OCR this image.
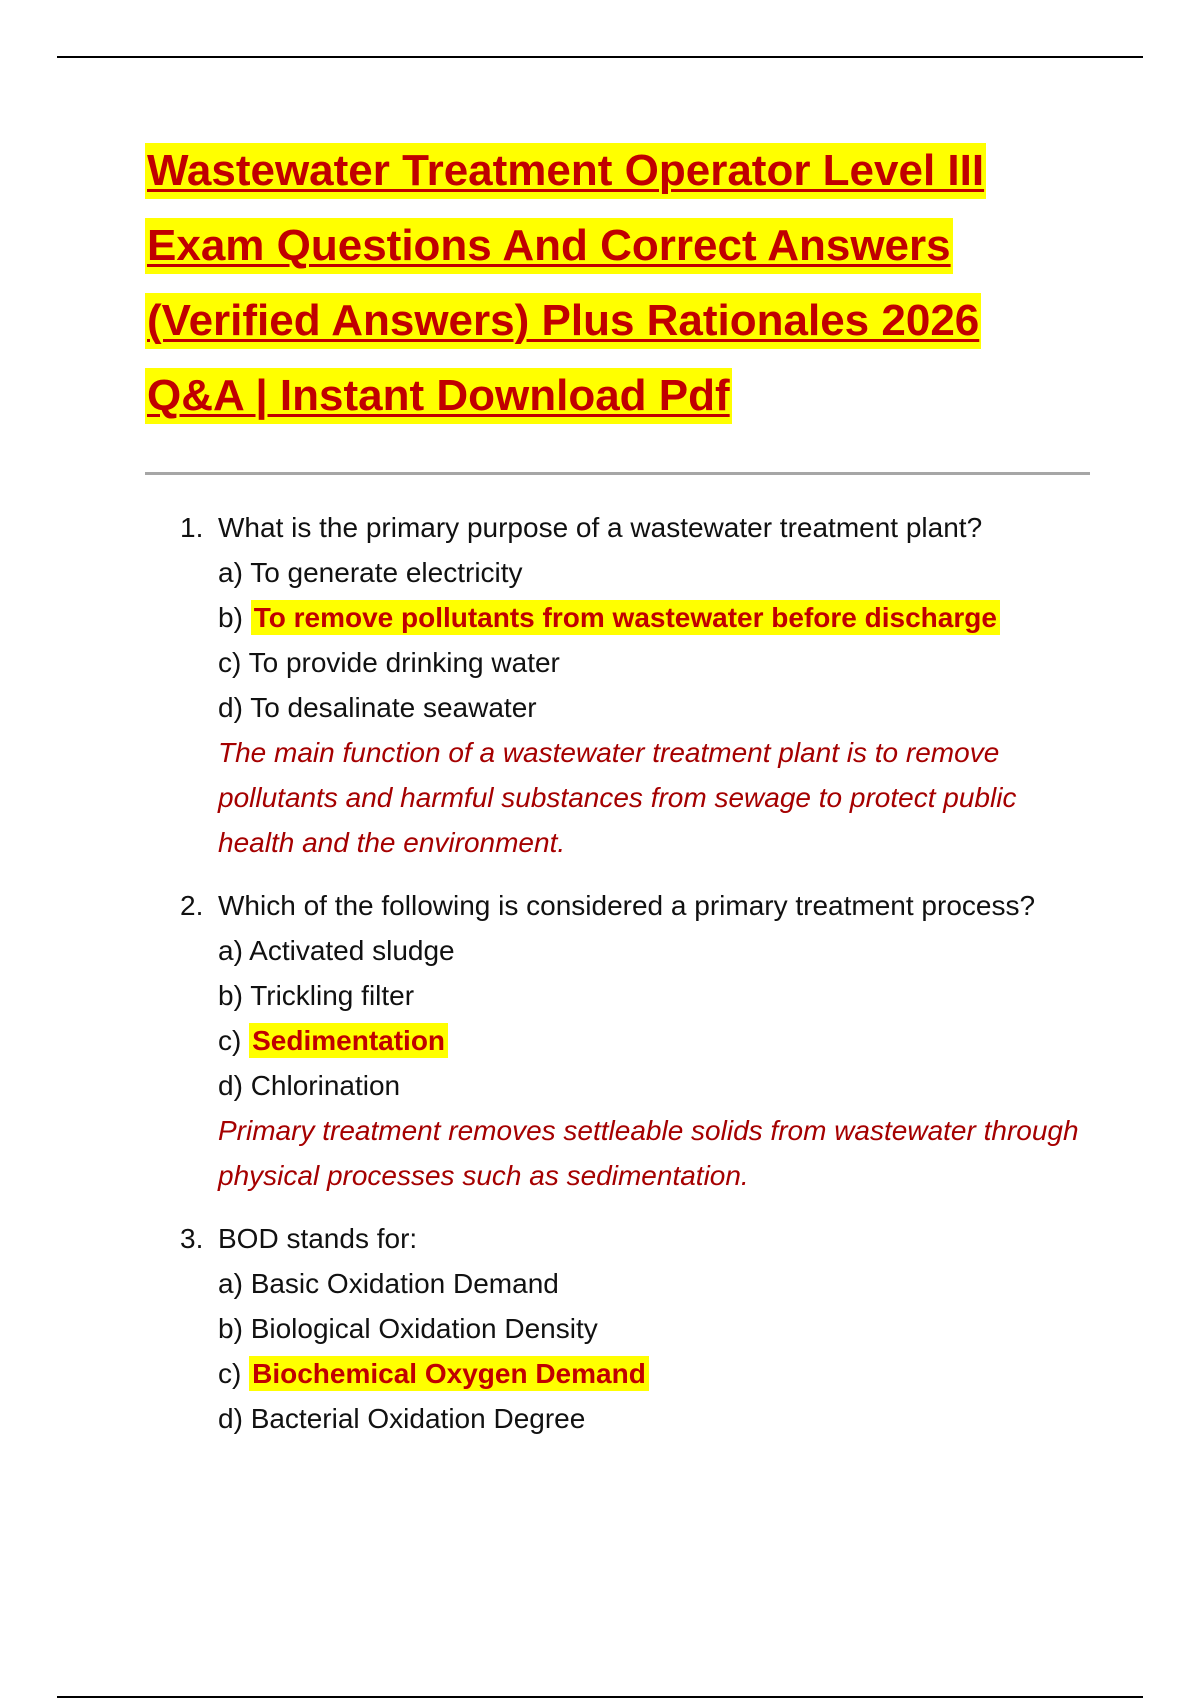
Wastewater Treatment Operator Level III
Exam Questions And Correct Answers
(Verified Answers) Plus Rationales 2026
Q&A | Instant Download Pdf
1. What is the primary purpose of a wastewater treatment plant?
a) To generate electricity
b) To remove pollutants from wastewater before discharge
c) To provide drinking water
d) To desalinate seawater
The main function of a wastewater treatment plant is to remove pollutants and harmful substances from sewage to protect public health and the environment.
2. Which of the following is considered a primary treatment process?
a) Activated sludge
b) Trickling filter
c) Sedimentation
d) Chlorination
Primary treatment removes settleable solids from wastewater through physical processes such as sedimentation.
3. BOD stands for:
a) Basic Oxidation Demand
b) Biological Oxidation Density
c) Biochemical Oxygen Demand
d) Bacterial Oxidation Degree
